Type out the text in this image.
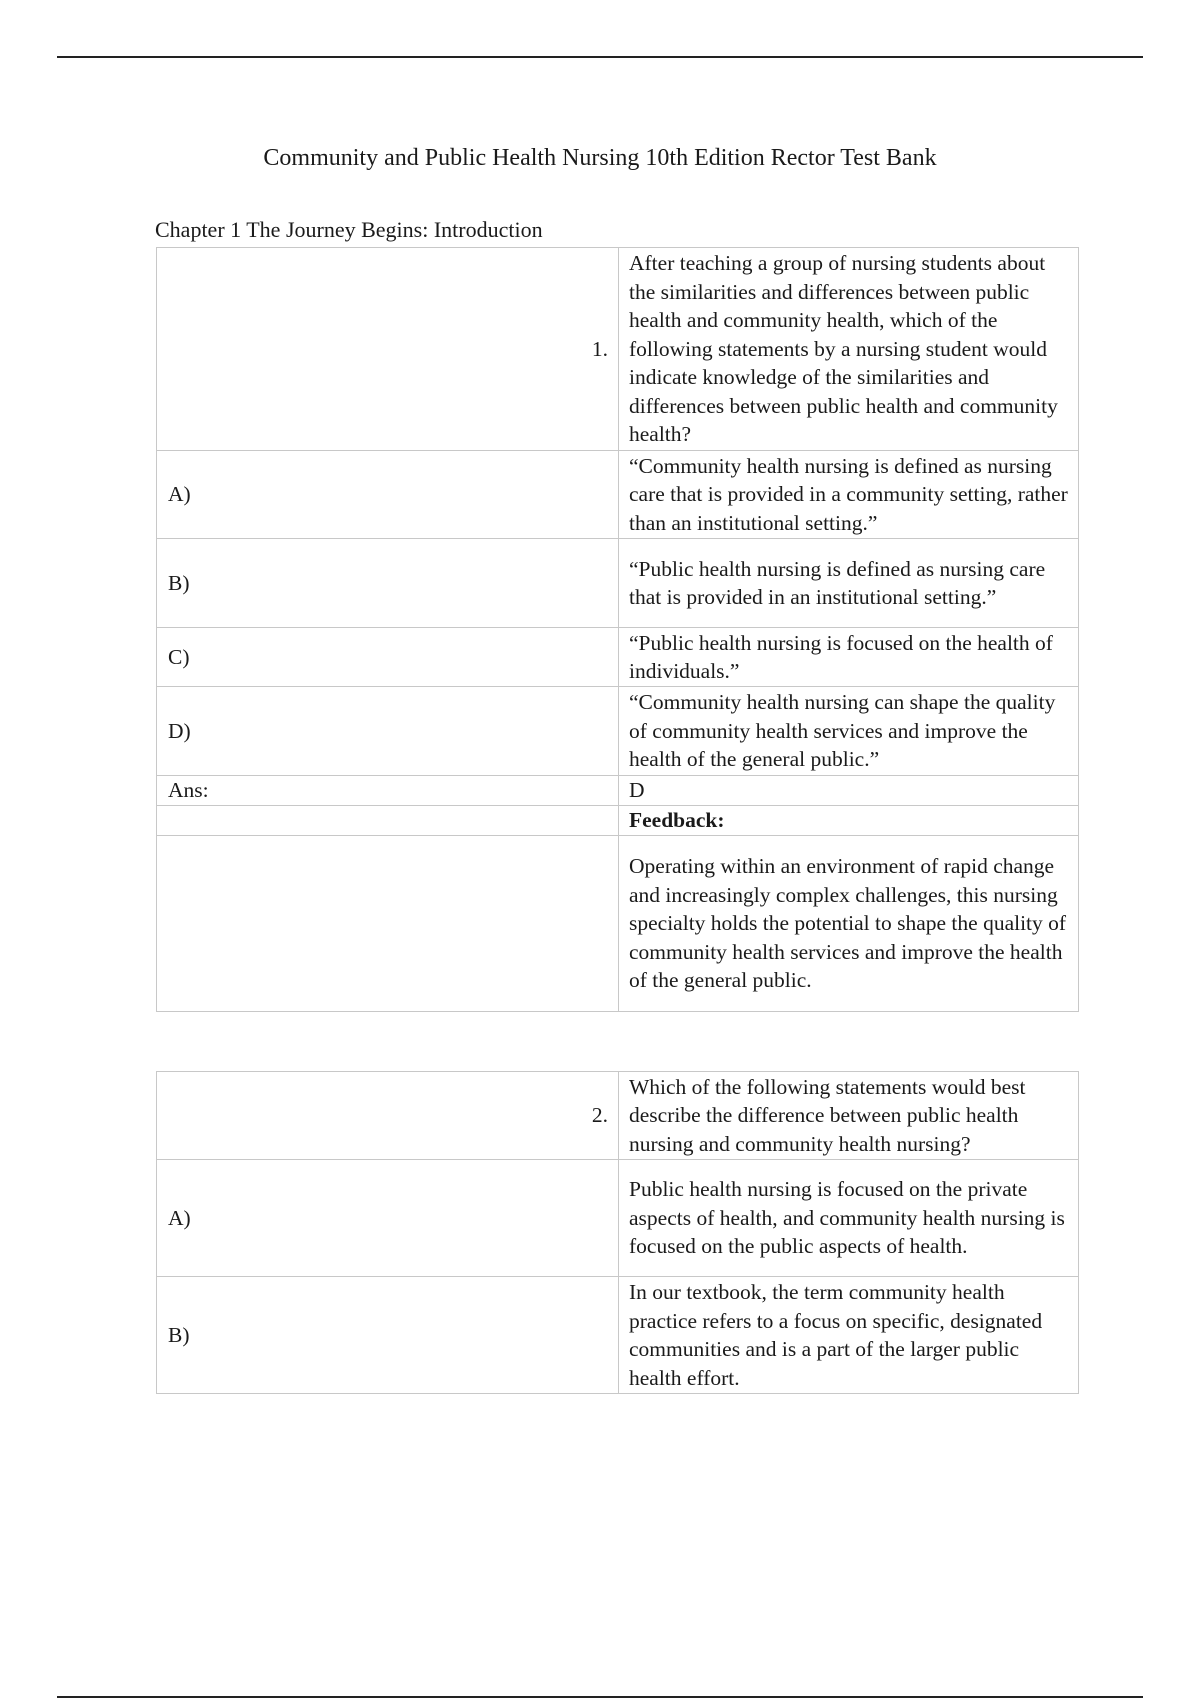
Community and Public Health Nursing 10th Edition Rector Test Bank
Chapter 1 The Journey Begins: Introduction
1.	After teaching a group of nursing students about the similarities and differences between public health and community health, which of the following statements by a nursing student would indicate knowledge of the similarities and differences between public health and community health?
A)	“Community health nursing is defined as nursing care that is provided in a community setting, rather than an institutional setting.”
B)	“Public health nursing is defined as nursing care that is provided in an institutional setting.”
C)	“Public health nursing is focused on the health of individuals.”
D)	“Community health nursing can shape the quality of community health services and improve the health of the general public.”
Ans:	D
	Feedback:
	Operating within an environment of rapid change and increasingly complex challenges, this nursing specialty holds the potential to shape the quality of community health services and improve the health of the general public.
2.	Which of the following statements would best describe the difference between public health nursing and community health nursing?
A)	Public health nursing is focused on the private aspects of health, and community health nursing is focused on the public aspects of health.
B)	In our textbook, the term community health practice refers to a focus on specific, designated communities and is a part of the larger public health effort.
